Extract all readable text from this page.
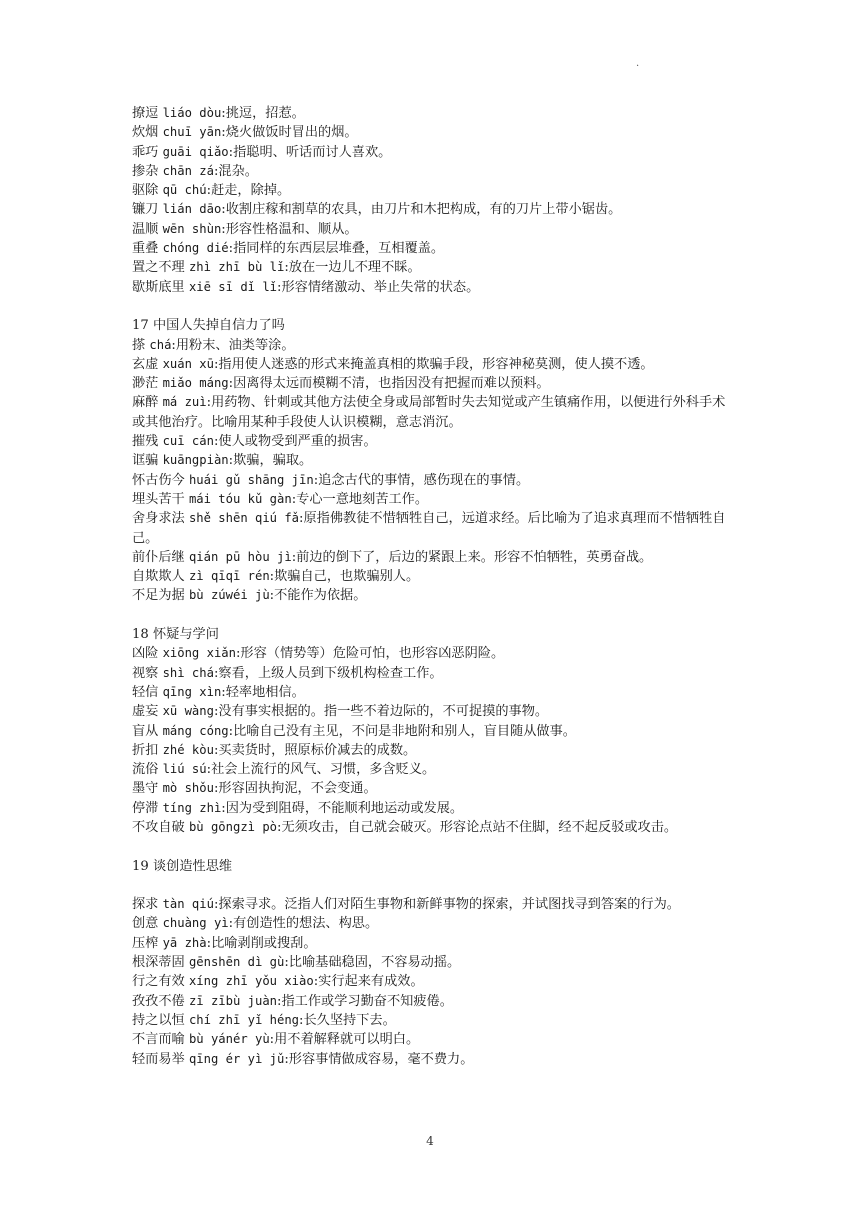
.
撩逗 liáo dòu:挑逗，招惹。
炊烟 chuī yān:烧火做饭时冒出的烟。
乖巧 guāi qiǎo:指聪明、听话而讨人喜欢。
掺杂 chān zá:混杂。
驱除 qū chú:赶走，除掉。
镰刀 lián dāo:收割庄稼和割草的农具，由刀片和木把构成，有的刀片上带小锯齿。
温顺 wēn shùn:形容性格温和、顺从。
重叠 chóng dié:指同样的东西层层堆叠，互相覆盖。
置之不理 zhì zhī bù lǐ:放在一边儿不理不睬。
歇斯底里 xiē sī dǐ lǐ:形容情绪激动、举止失常的状态。
17 中国人失掉自信力了吗
搽 chá:用粉末、油类等涂。
玄虚 xuán xū:指用使人迷惑的形式来掩盖真相的欺骗手段，形容神秘莫测，使人摸不透。
渺茫 miǎo máng:因离得太远而模糊不清，也指因没有把握而难以预料。
麻醉 má zuì:用药物、针刺或其他方法使全身或局部暂时失去知觉或产生镇痛作用，以便进行外科手术或其他治疗。比喻用某种手段使人认识模糊，意志消沉。
摧残 cuī cán:使人或物受到严重的损害。
诓骗 kuāngpiàn:欺骗，骗取。
怀古伤今 huái gǔ shāng jīn:追念古代的事情，感伤现在的事情。
埋头苦干 mái tóu kǔ gàn:专心一意地刻苦工作。
舍身求法 shě shēn qiú fǎ:原指佛教徒不惜牺牲自己，远道求经。后比喻为了追求真理而不惜牺牲自己。
前仆后继 qián pū hòu jì:前边的倒下了，后边的紧跟上来。形容不怕牺牲，英勇奋战。
自欺欺人 zì qīqī rén:欺骗自己，也欺骗别人。
不足为据 bù zúwéi jù:不能作为依据。
18 怀疑与学问
凶险 xiōng xiǎn:形容（情势等）危险可怕，也形容凶恶阴险。
视察 shì chá:察看，上级人员到下级机构检查工作。
轻信 qīng xìn:轻率地相信。
虚妄 xū wàng:没有事实根据的。指一些不着边际的，不可捉摸的事物。
盲从 máng cóng:比喻自己没有主见，不问是非地附和别人，盲目随从做事。
折扣 zhé kòu:买卖货时，照原标价减去的成数。
流俗 liú sú:社会上流行的风气、习惯，多含贬义。
墨守 mò shǒu:形容固执拘泥，不会变通。
停滞 tíng zhì:因为受到阻碍，不能顺利地运动或发展。
不攻自破 bù gōngzì pò:无须攻击，自己就会破灭。形容论点站不住脚，经不起反驳或攻击。
19 谈创造性思维
探求 tàn qiú:探索寻求。泛指人们对陌生事物和新鲜事物的探索，并试图找寻到答案的行为。
创意 chuàng yì:有创造性的想法、构思。
压榨 yā zhà:比喻剥削或搜刮。
根深蒂固 gēnshēn dì gù:比喻基础稳固，不容易动摇。
行之有效 xíng zhī yǒu xiào:实行起来有成效。
孜孜不倦 zī zībù juàn:指工作或学习勤奋不知疲倦。
持之以恒 chí zhī yǐ héng:长久坚持下去。
不言而喻 bù yánér yù:用不着解释就可以明白。
轻而易举 qīng ér yì jǔ:形容事情做成容易，毫不费力。
4
